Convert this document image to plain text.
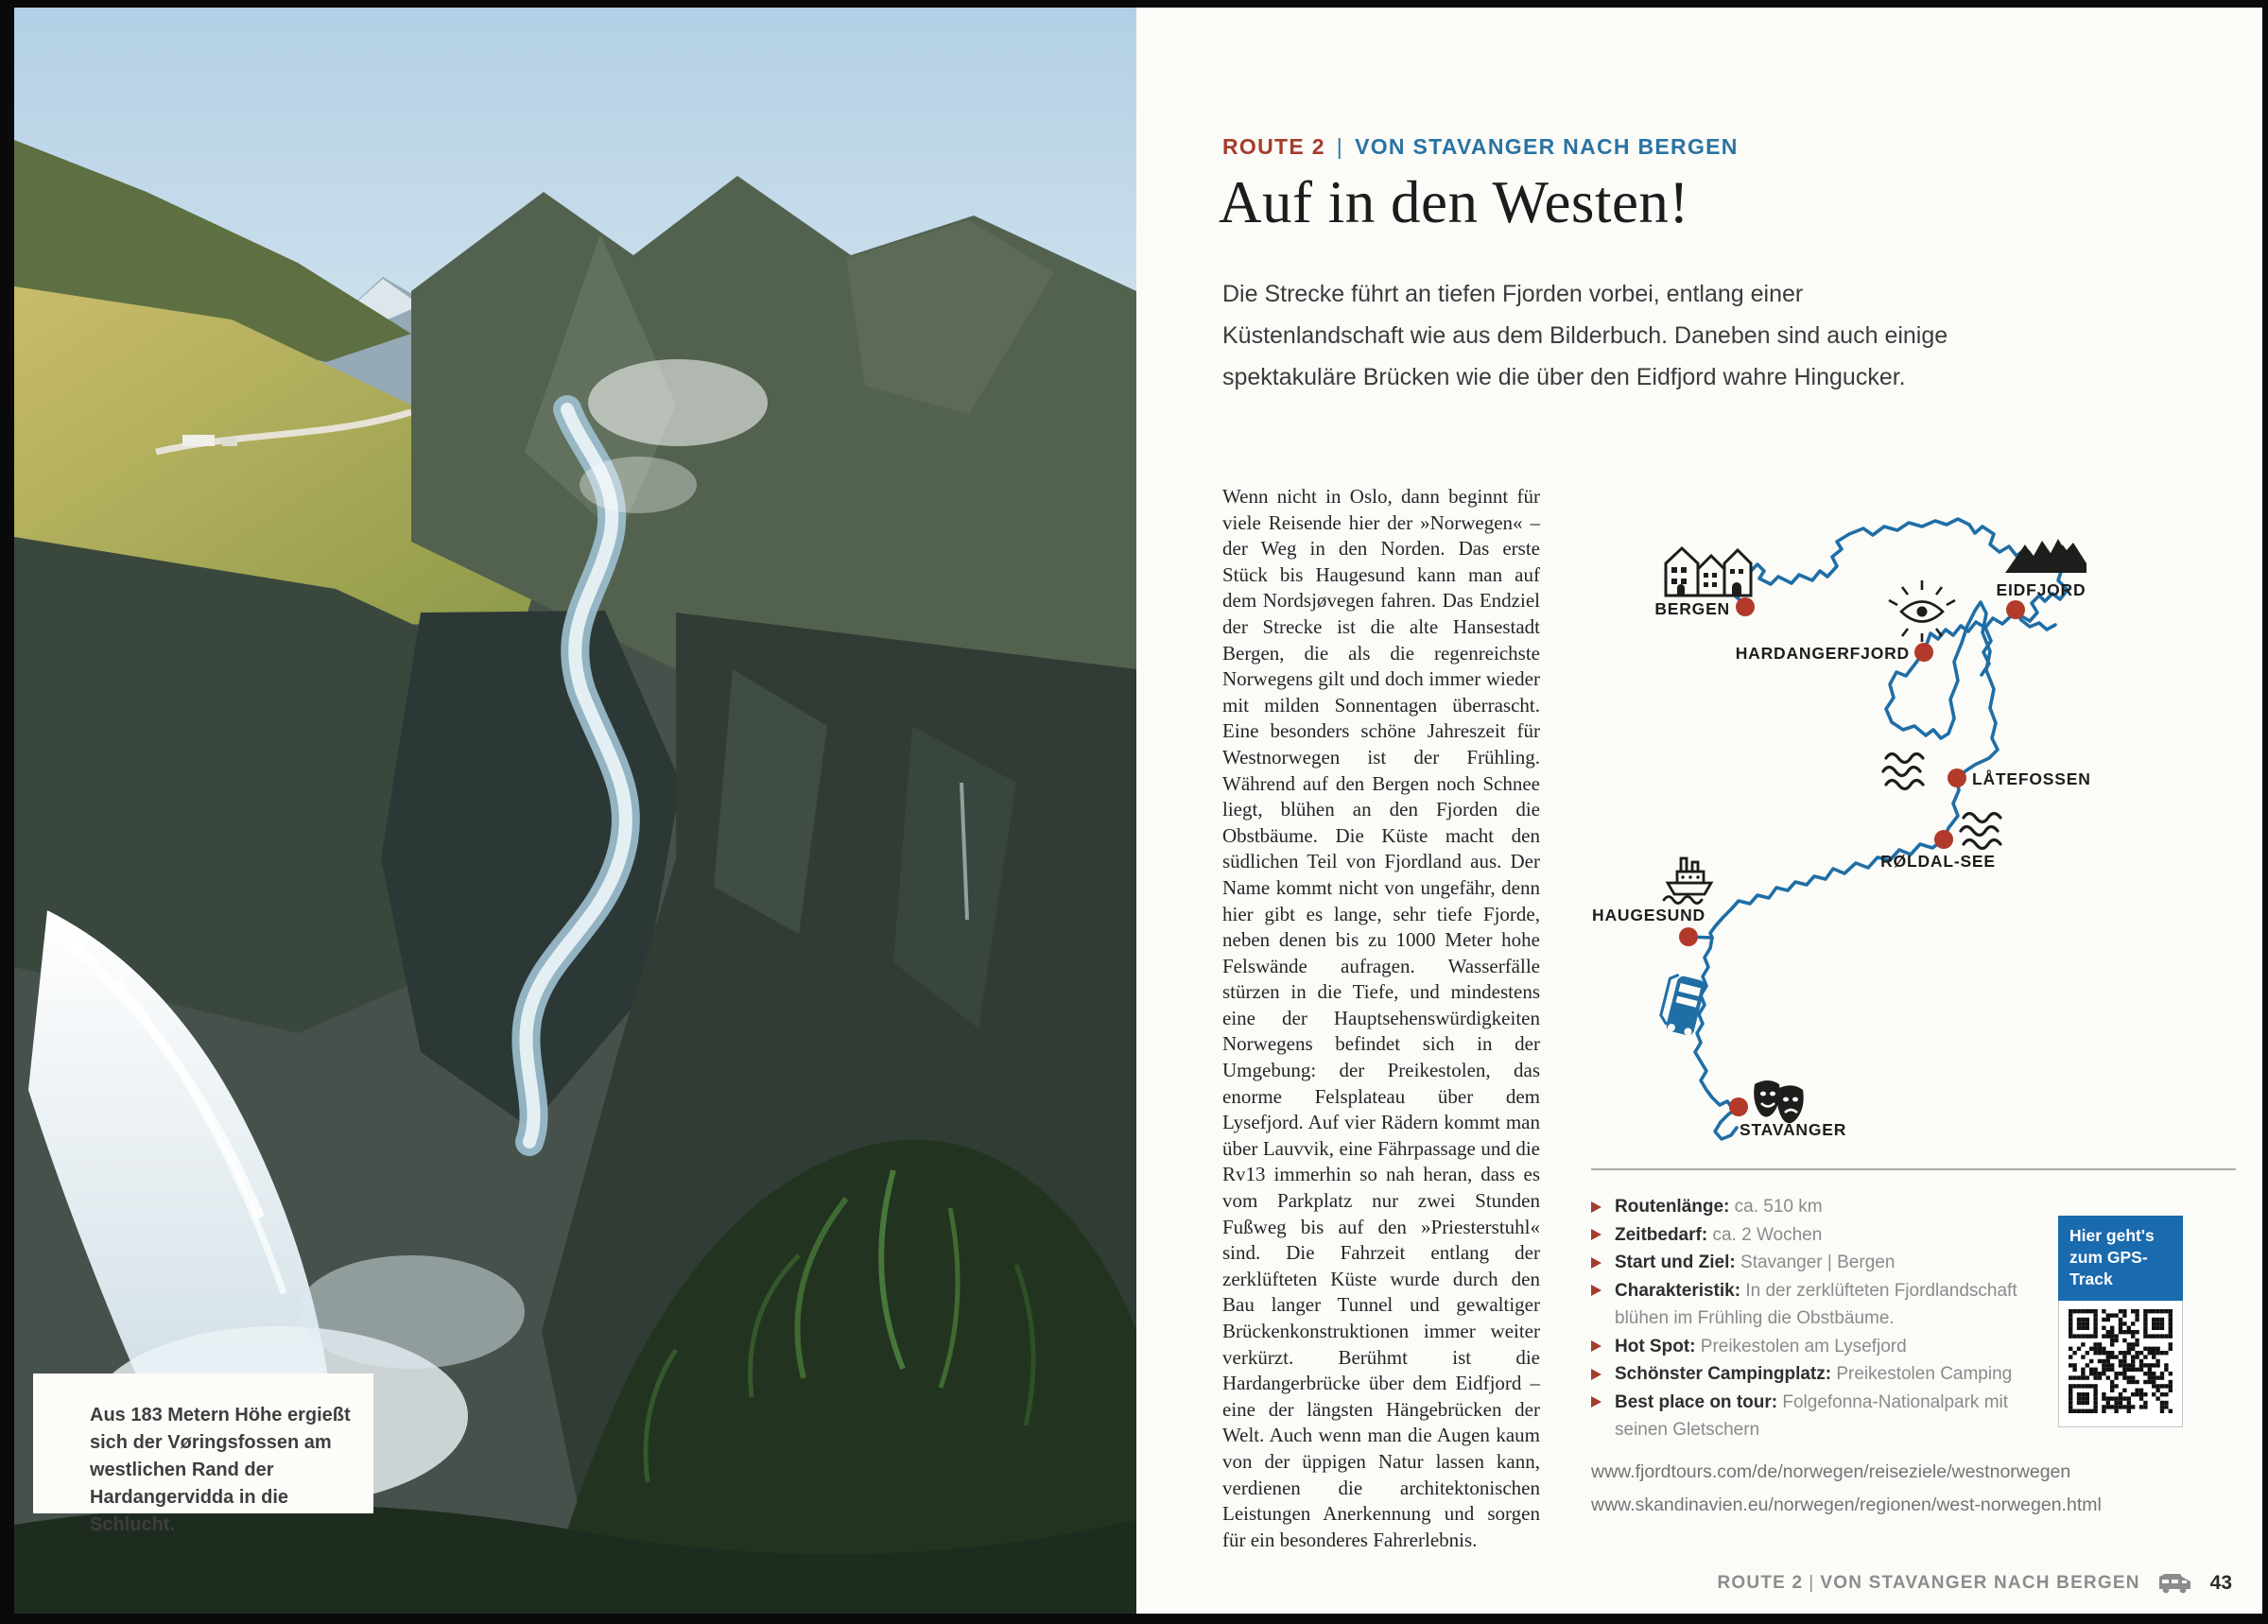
Aus 183 Metern Höhe ergießt sich der Vøringsfossen am westlichen Rand der Hardangervidda in die Schlucht.
ROUTE 2 | VON STAVANGER NACH BERGEN
Auf in den Westen!

Die Strecke führt an tiefen Fjorden vorbei, entlang einer Küstenlandschaft wie aus dem Bilderbuch. Daneben sind auch einige spektakuläre Brücken wie die über den Eidfjord wahre Hingucker.

Wenn nicht in Oslo, dann beginnt für viele Reisende hier der »Norwegen« – der Weg in den Norden. Das erste Stück bis Haugesund kann man auf dem Nordsjøvegen fahren. Das Endziel der Strecke ist die alte Hansestadt Bergen, die als die regenreichste Norwegens gilt und doch immer wieder mit milden Sonnentagen überrascht. Eine besonders schöne Jahreszeit für Westnorwegen ist der Frühling. Während auf den Bergen noch Schnee liegt, blühen an den Fjorden die Obstbäume. Die Küste macht den südlichen Teil von Fjordland aus. Der Name kommt nicht von ungefähr, denn hier gibt es lange, sehr tiefe Fjorde, neben denen bis zu 1000 Meter hohe Felswände aufragen. Wasserfälle stürzen in die Tiefe, und mindestens eine der Hauptsehenswürdigkeiten Norwegens befindet sich in der Umgebung: der Preikestolen, das enorme Felsplateau über dem Lysefjord. Auf vier Rädern kommt man über Lauvvik, eine Fährpassage und die Rv13 immerhin so nah heran, dass es vom Parkplatz nur zwei Stunden Fußweg bis auf den »Priesterstuhl« sind. Die Fahrzeit entlang der zerklüfteten Küste wurde durch den Bau langer Tunnel und gewaltiger Brückenkonstruktionen immer weiter verkürzt. Berühmt ist die Hardangerbrücke über dem Eidfjord – eine der längsten Hängebrücken der Welt. Auch wenn man die Augen kaum von der üppigen Natur lassen kann, verdienen die architektonischen Leistungen Anerkennung und sorgen für ein besonderes Fahrerlebnis.
BERGEN
EIDFJORD
HARDANGERFJORD
LÅTEFOSSEN
RØLDAL-SEE
HAUGESUND
STAVANGER
Routenlänge: ca. 510 km
Zeitbedarf: ca. 2 Wochen
Start und Ziel: Stavanger | Bergen
Charakteristik: In der zerklüfteten Fjordlandschaft blühen im Frühling die Obstbäume.
Hot Spot: Preikestolen am Lysefjord
Schönster Campingplatz: Preikestolen Camping
Best place on tour: Folgefonna-Nationalpark mit seinen Gletschern
Hier geht's
zum GPS-Track
www.fjordtours.com/de/norwegen/reiseziele/westnorwegen
www.skandinavien.eu/norwegen/regionen/west-norwegen.html
ROUTE 2 | VON STAVANGER NACH BERGEN	43
